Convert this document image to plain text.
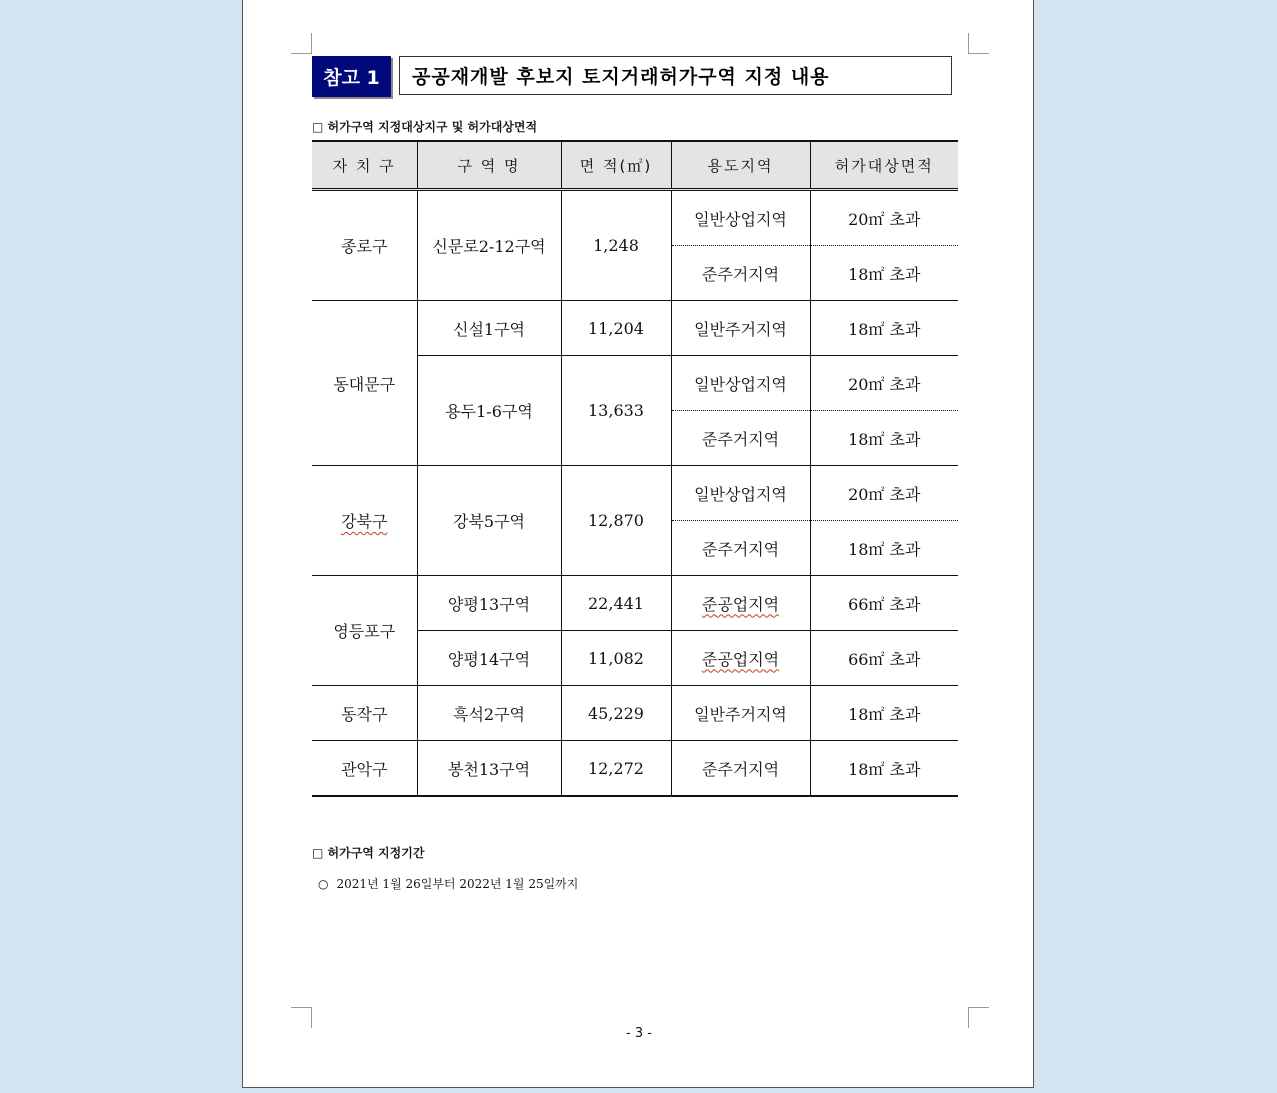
참고 1	공공재개발 후보지 토지거래허가구역 지정 내용
□ 허가구역 지정대상지구 및 허가대상면적
자 치 구	구 역 명	면 적(㎡)	용도지역	허가대상면적
종로구	신문로2-12구역	1,248	일반상업지역	20㎡ 초과
			준주거지역	18㎡ 초과
동대문구	신설1구역	11,204	일반주거지역	18㎡ 초과
	용두1-6구역	13,633	일반상업지역	20㎡ 초과
			준주거지역	18㎡ 초과
강북구	강북5구역	12,870	일반상업지역	20㎡ 초과
			준주거지역	18㎡ 초과
영등포구	양평13구역	22,441	준공업지역	66㎡ 초과
	양평14구역	11,082	준공업지역	66㎡ 초과
동작구	흑석2구역	45,229	일반주거지역	18㎡ 초과
관악구	봉천13구역	12,272	준주거지역	18㎡ 초과
□ 허가구역 지정기간
○ 2021년 1월 26일부터 2022년 1월 25일까지
- 3 -
